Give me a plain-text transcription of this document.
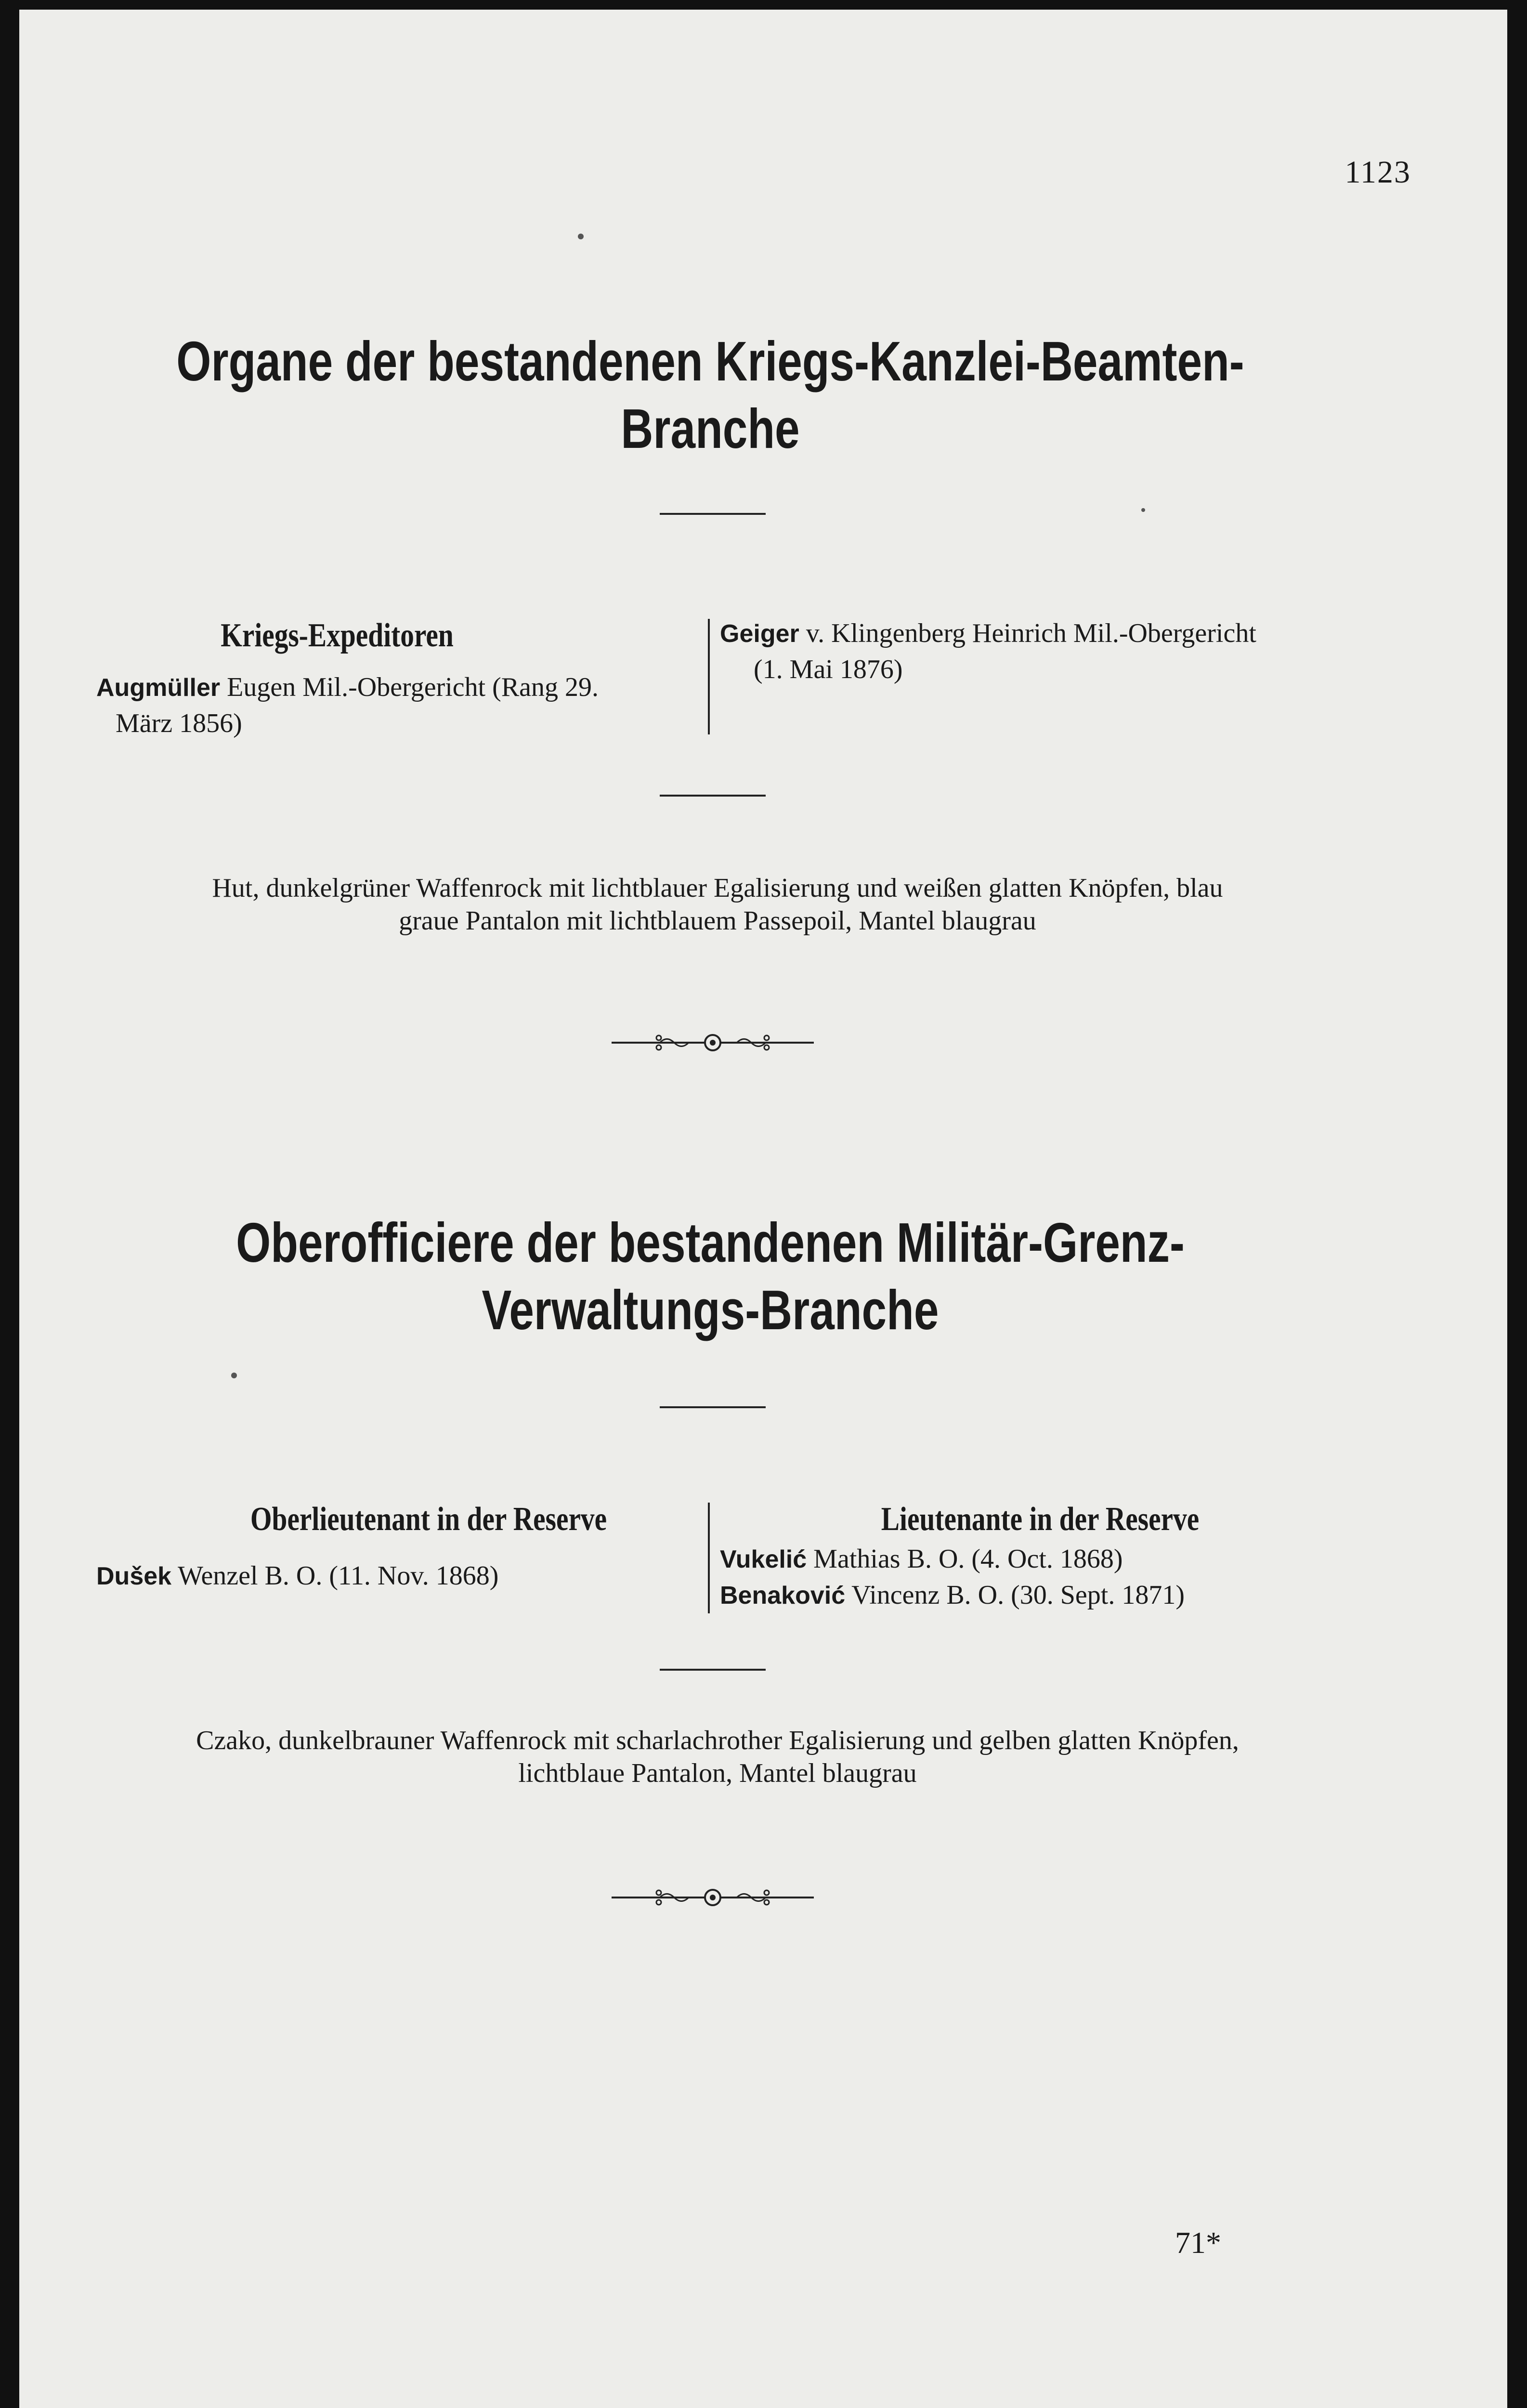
1123
Organe der bestandenen Kriegs-Kanzlei-Beamten-
Branche
Kriegs-Expeditoren
Augmüller Eugen Mil.-Obergericht (Rang 29.
März 1856)
Geiger v. Klingenberg Heinrich Mil.-Obergericht
(1. Mai 1876)
Hut, dunkelgrüner Waffenrock mit lichtblauer Egalisierung und weißen glatten Knöpfen, blau
graue Pantalon mit lichtblauem Passepoil, Mantel blaugrau
Oberofficiere der bestandenen Militär-Grenz-
Verwaltungs-Branche
Oberlieutenant in der Reserve
Dušek Wenzel B. O. (11. Nov. 1868)
Lieutenante in der Reserve
Vukelić Mathias B. O. (4. Oct. 1868)
Benaković Vincenz B. O. (30. Sept. 1871)
Czako, dunkelbrauner Waffenrock mit scharlachrother Egalisierung und gelben glatten Knöpfen,
lichtblaue Pantalon, Mantel blaugrau
71*
